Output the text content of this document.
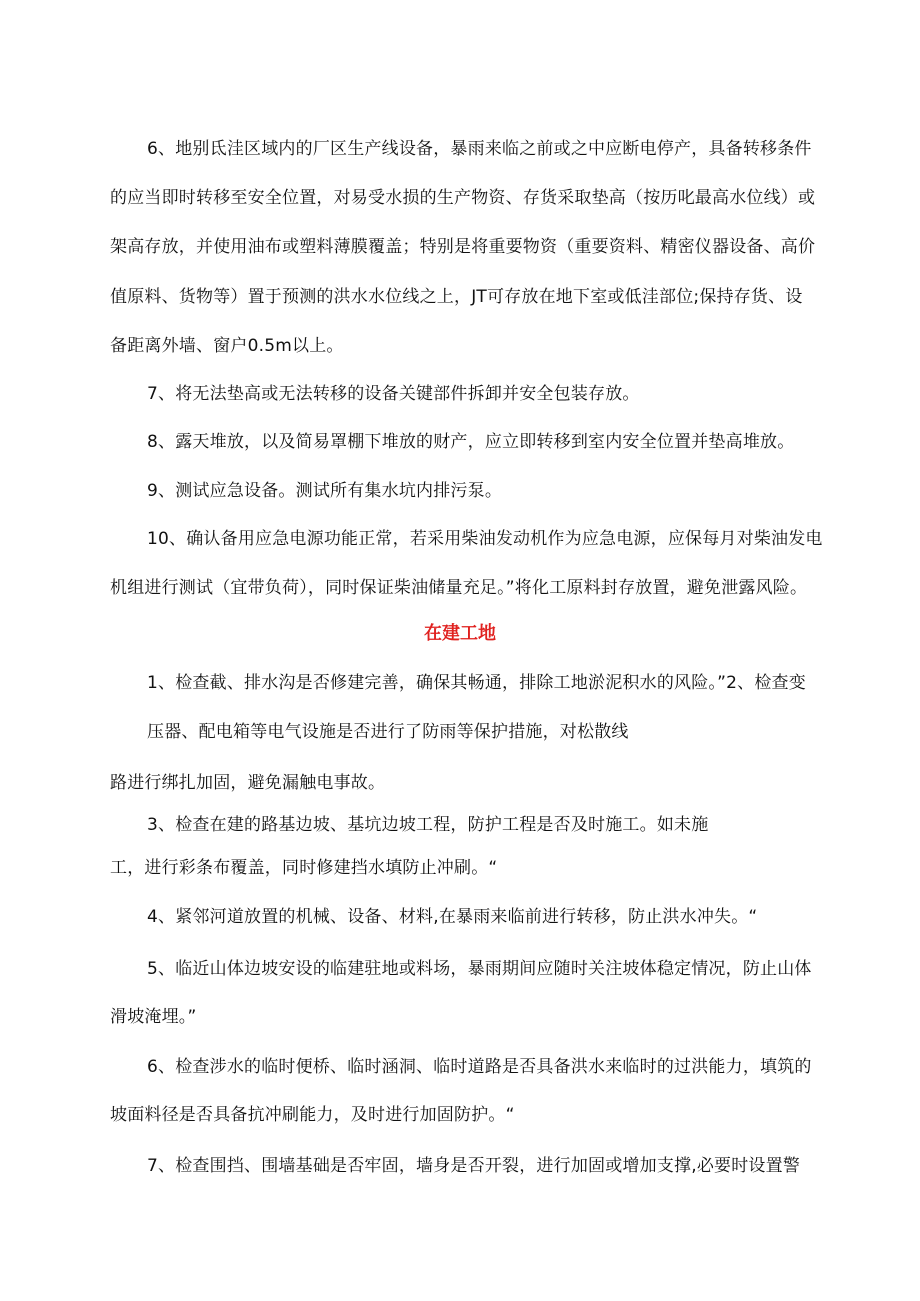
6、地别氐洼区域内的厂区生产线设备，暴雨来临之前或之中应断电停产，具备转移条件
的应当即时转移至安全位置，对易受水损的生产物资、存货采取垫高（按历叱最高水位线）或
架高存放，并使用油布或塑料薄膜覆盖；特别是将重要物资（重要资料、精密仪器设备、高价
值原料、货物等）置于预测的洪水水位线之上，JT可存放在地下室或低洼部位;保持存货、设
备距离外墙、窗户0.5m以上。
7、将无法垫高或无法转移的设备关键部件拆卸并安全包装存放。
8、露天堆放，以及简易罩棚下堆放的财产，应立即转移到室内安全位置并垫高堆放。
9、测试应急设备。测试所有集水坑内排污泵。
10、确认备用应急电源功能正常，若采用柴油发动机作为应急电源，应保每月对柴油发电
机组进行测试（宜带负荷），同时保证柴油储量充足。”将化工原料封存放置，避免泄露风险。
在建工地
1、检查截、排水沟是否修建完善，确保其畅通，排除工地淤泥积水的风险。”2、检查变
压器、配电箱等电气设施是否进行了防雨等保护措施，对松散线
路进行绑扎加固，避免漏触电事故。
3、检查在建的路基边坡、基坑边坡工程，防护工程是否及时施工。如未施
工，进行彩条布覆盖，同时修建挡水填防止冲刷。“
4、紧邻河道放置的机械、设备、材料,在暴雨来临前进行转移，防止洪水冲失。“
5、临近山体边坡安设的临建驻地或料场，暴雨期间应随时关注坡体稳定情况，防止山体
滑坡淹埋。”
6、检查涉水的临时便桥、临时涵洞、临时道路是否具备洪水来临时的过洪能力，填筑的
坡面料径是否具备抗冲刷能力，及时进行加固防护。“
7、检查围挡、围墙基础是否牢固，墙身是否开裂，进行加固或增加支撑,必要时设置警
